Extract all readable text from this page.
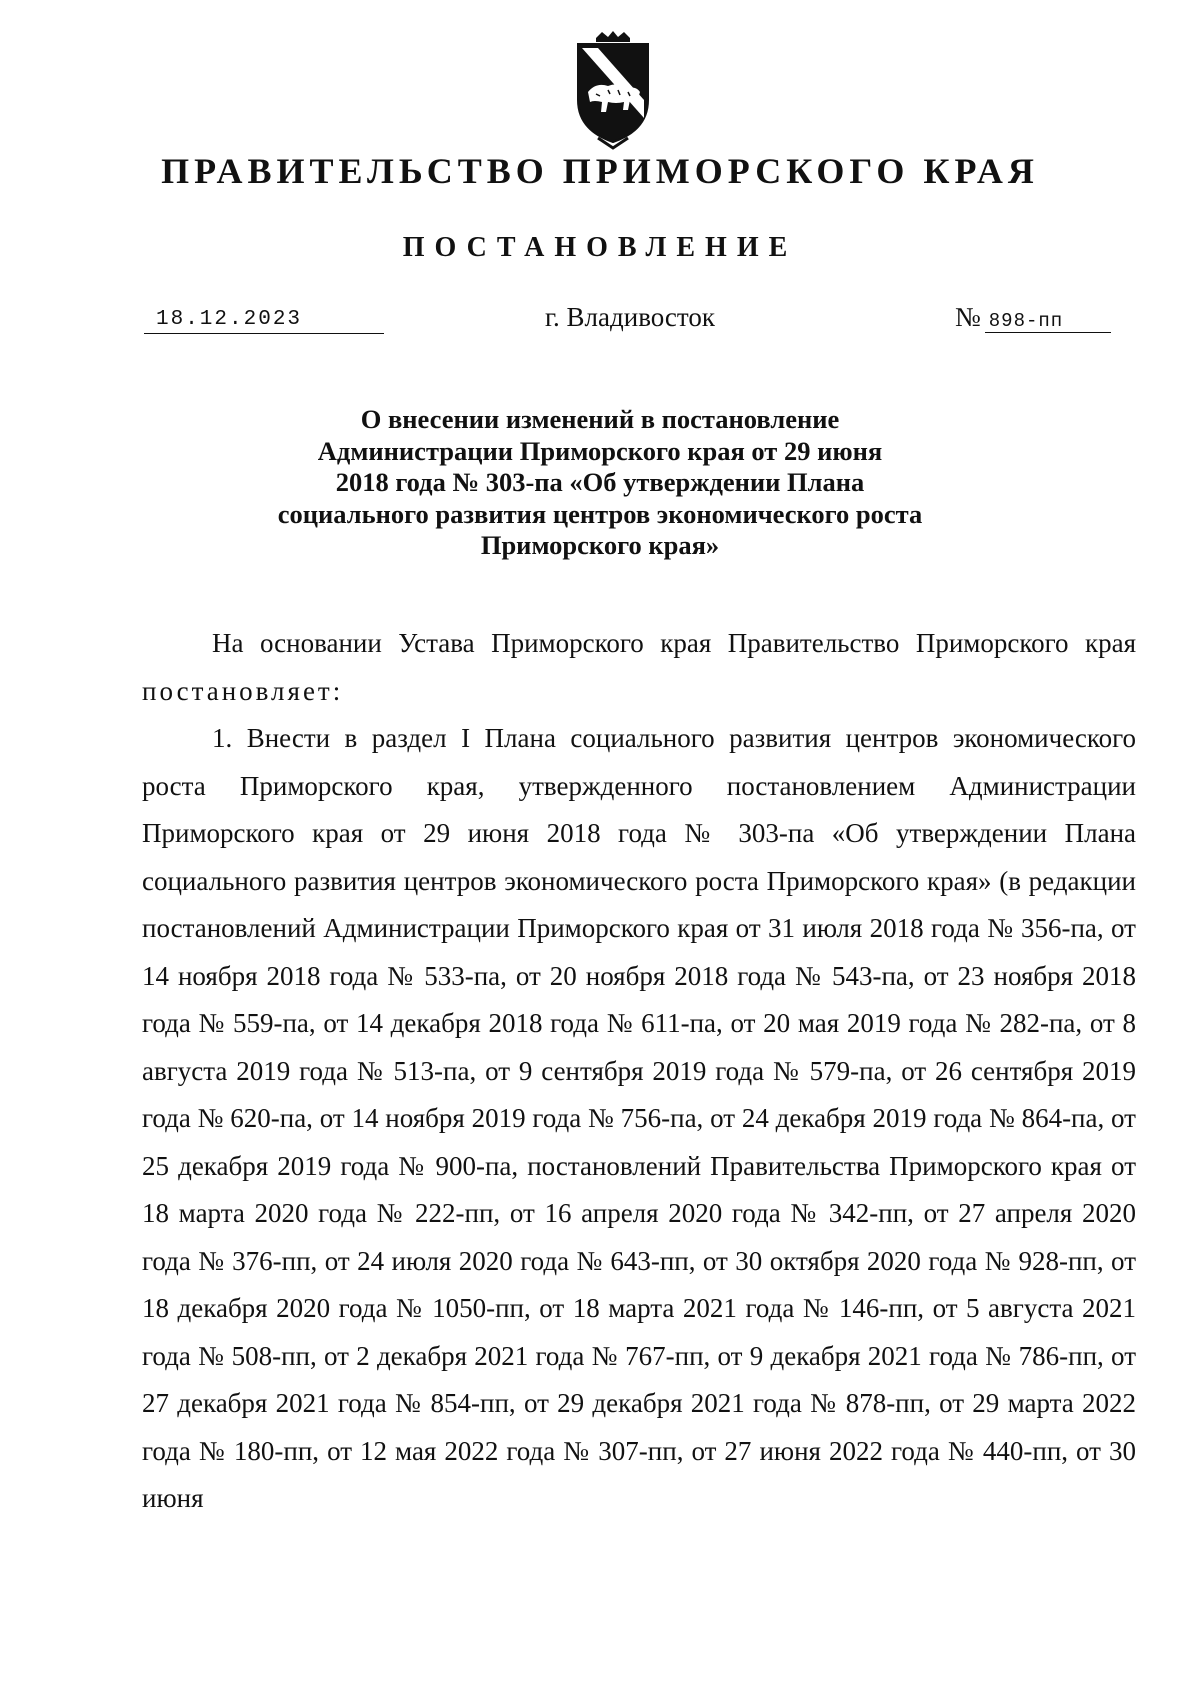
ПРАВИТЕЛЬСТВО ПРИМОРСКОГО КРАЯ
ПОСТАНОВЛЕНИЕ
18.12.2023	г. Владивосток	№ 898-пп
О внесении изменений в постановление
Администрации Приморского края от 29 июня
2018 года № 303-па «Об утверждении Плана
социального развития центров экономического роста
Приморского края»

На основании Устава Приморского края Правительство Приморского края постановляет:

1. Внести в раздел I Плана социального развития центров экономического роста Приморского края, утвержденного постановлением Администрации Приморского края от 29 июня 2018 года № 303-па «Об утверждении Плана социального развития центров экономического роста Приморского края» (в редакции постановлений Администрации Приморского края от 31 июля 2018 года № 356-па, от 14 ноября 2018 года № 533-па, от 20 ноября 2018 года № 543-па, от 23 ноября 2018 года № 559-па, от 14 декабря 2018 года № 611-па, от 20 мая 2019 года № 282-па, от 8 августа 2019 года № 513-па, от 9 сентября 2019 года № 579-па, от 26 сентября 2019 года № 620-па, от 14 ноября 2019 года № 756-па, от 24 декабря 2019 года № 864-па, от 25 декабря 2019 года № 900-па, постановлений Правительства Приморского края от 18 марта 2020 года № 222-пп, от 16 апреля 2020 года № 342-пп, от 27 апреля 2020 года № 376-пп, от 24 июля 2020 года № 643-пп, от 30 октября 2020 года № 928-пп, от 18 декабря 2020 года № 1050-пп, от 18 марта 2021 года № 146-пп, от 5 августа 2021 года № 508-пп, от 2 декабря 2021 года № 767-пп, от 9 декабря 2021 года № 786-пп, от 27 декабря 2021 года № 854-пп, от 29 декабря 2021 года № 878-пп, от 29 марта 2022 года № 180-пп, от 12 мая 2022 года № 307-пп, от 27 июня 2022 года № 440-пп, от 30 июня
